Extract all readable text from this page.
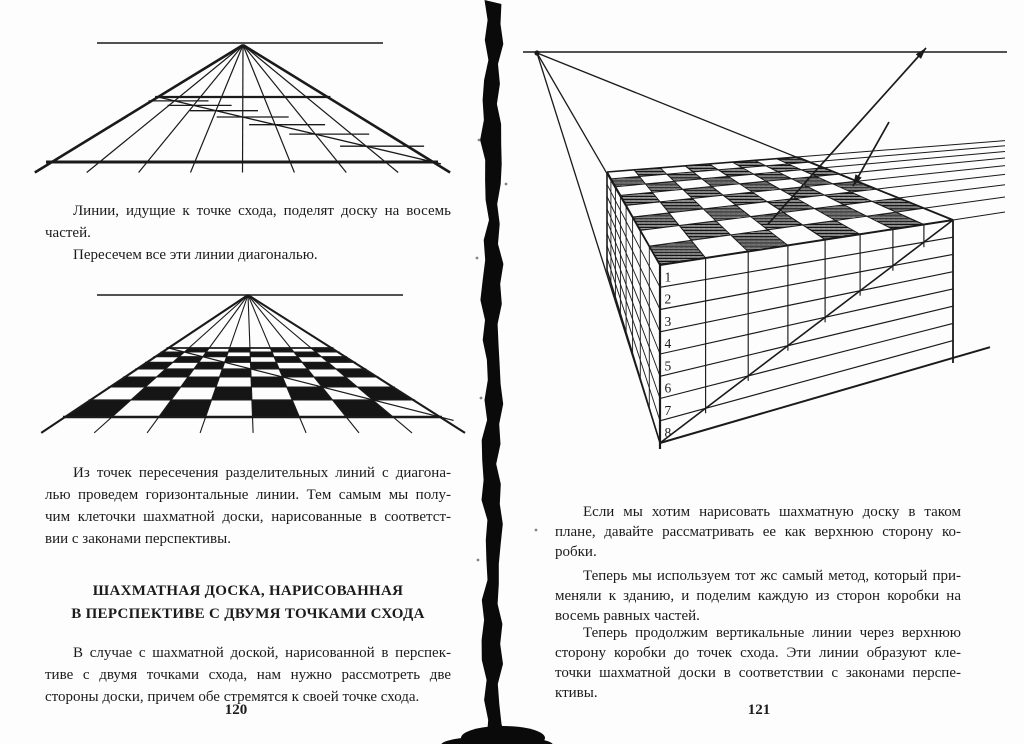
1
2
3
4
5
6
7
8
Линии, идущие к точке схода, поделят доску на восемь
частей.
Пересечем все эти линии диагональю.
Из точек пересечения разделительных линий с диагона-
лью проведем горизонтальные линии. Тем самым мы полу-
чим клеточки шахматной доски, нарисованные в соответст-
вии с законами перспективы.
ШАХМАТНАЯ ДОСКА, НАРИСОВАННАЯ
В ПЕРСПЕКТИВЕ С ДВУМЯ ТОЧКАМИ СХОДА
В случае с шахматной доской, нарисованной в перспек-
тиве с двумя точками схода, нам нужно рассмотреть две
стороны доски, причем обе стремятся к своей точке схода.
120
Если мы хотим нарисовать шахматную доску в таком
плане, давайте рассматривать ее как верхнюю сторону ко-
робки.
Теперь мы используем тот жс самый метод, который при-
меняли к зданию, и поделим каждую из сторон коробки на
восемь равных частей.
Теперь продолжим вертикальные линии через верхнюю
сторону коробки до точек схода. Эти линии образуют кле-
точки шахматной доски в соответствии с законами перспе-
ктивы.
121
